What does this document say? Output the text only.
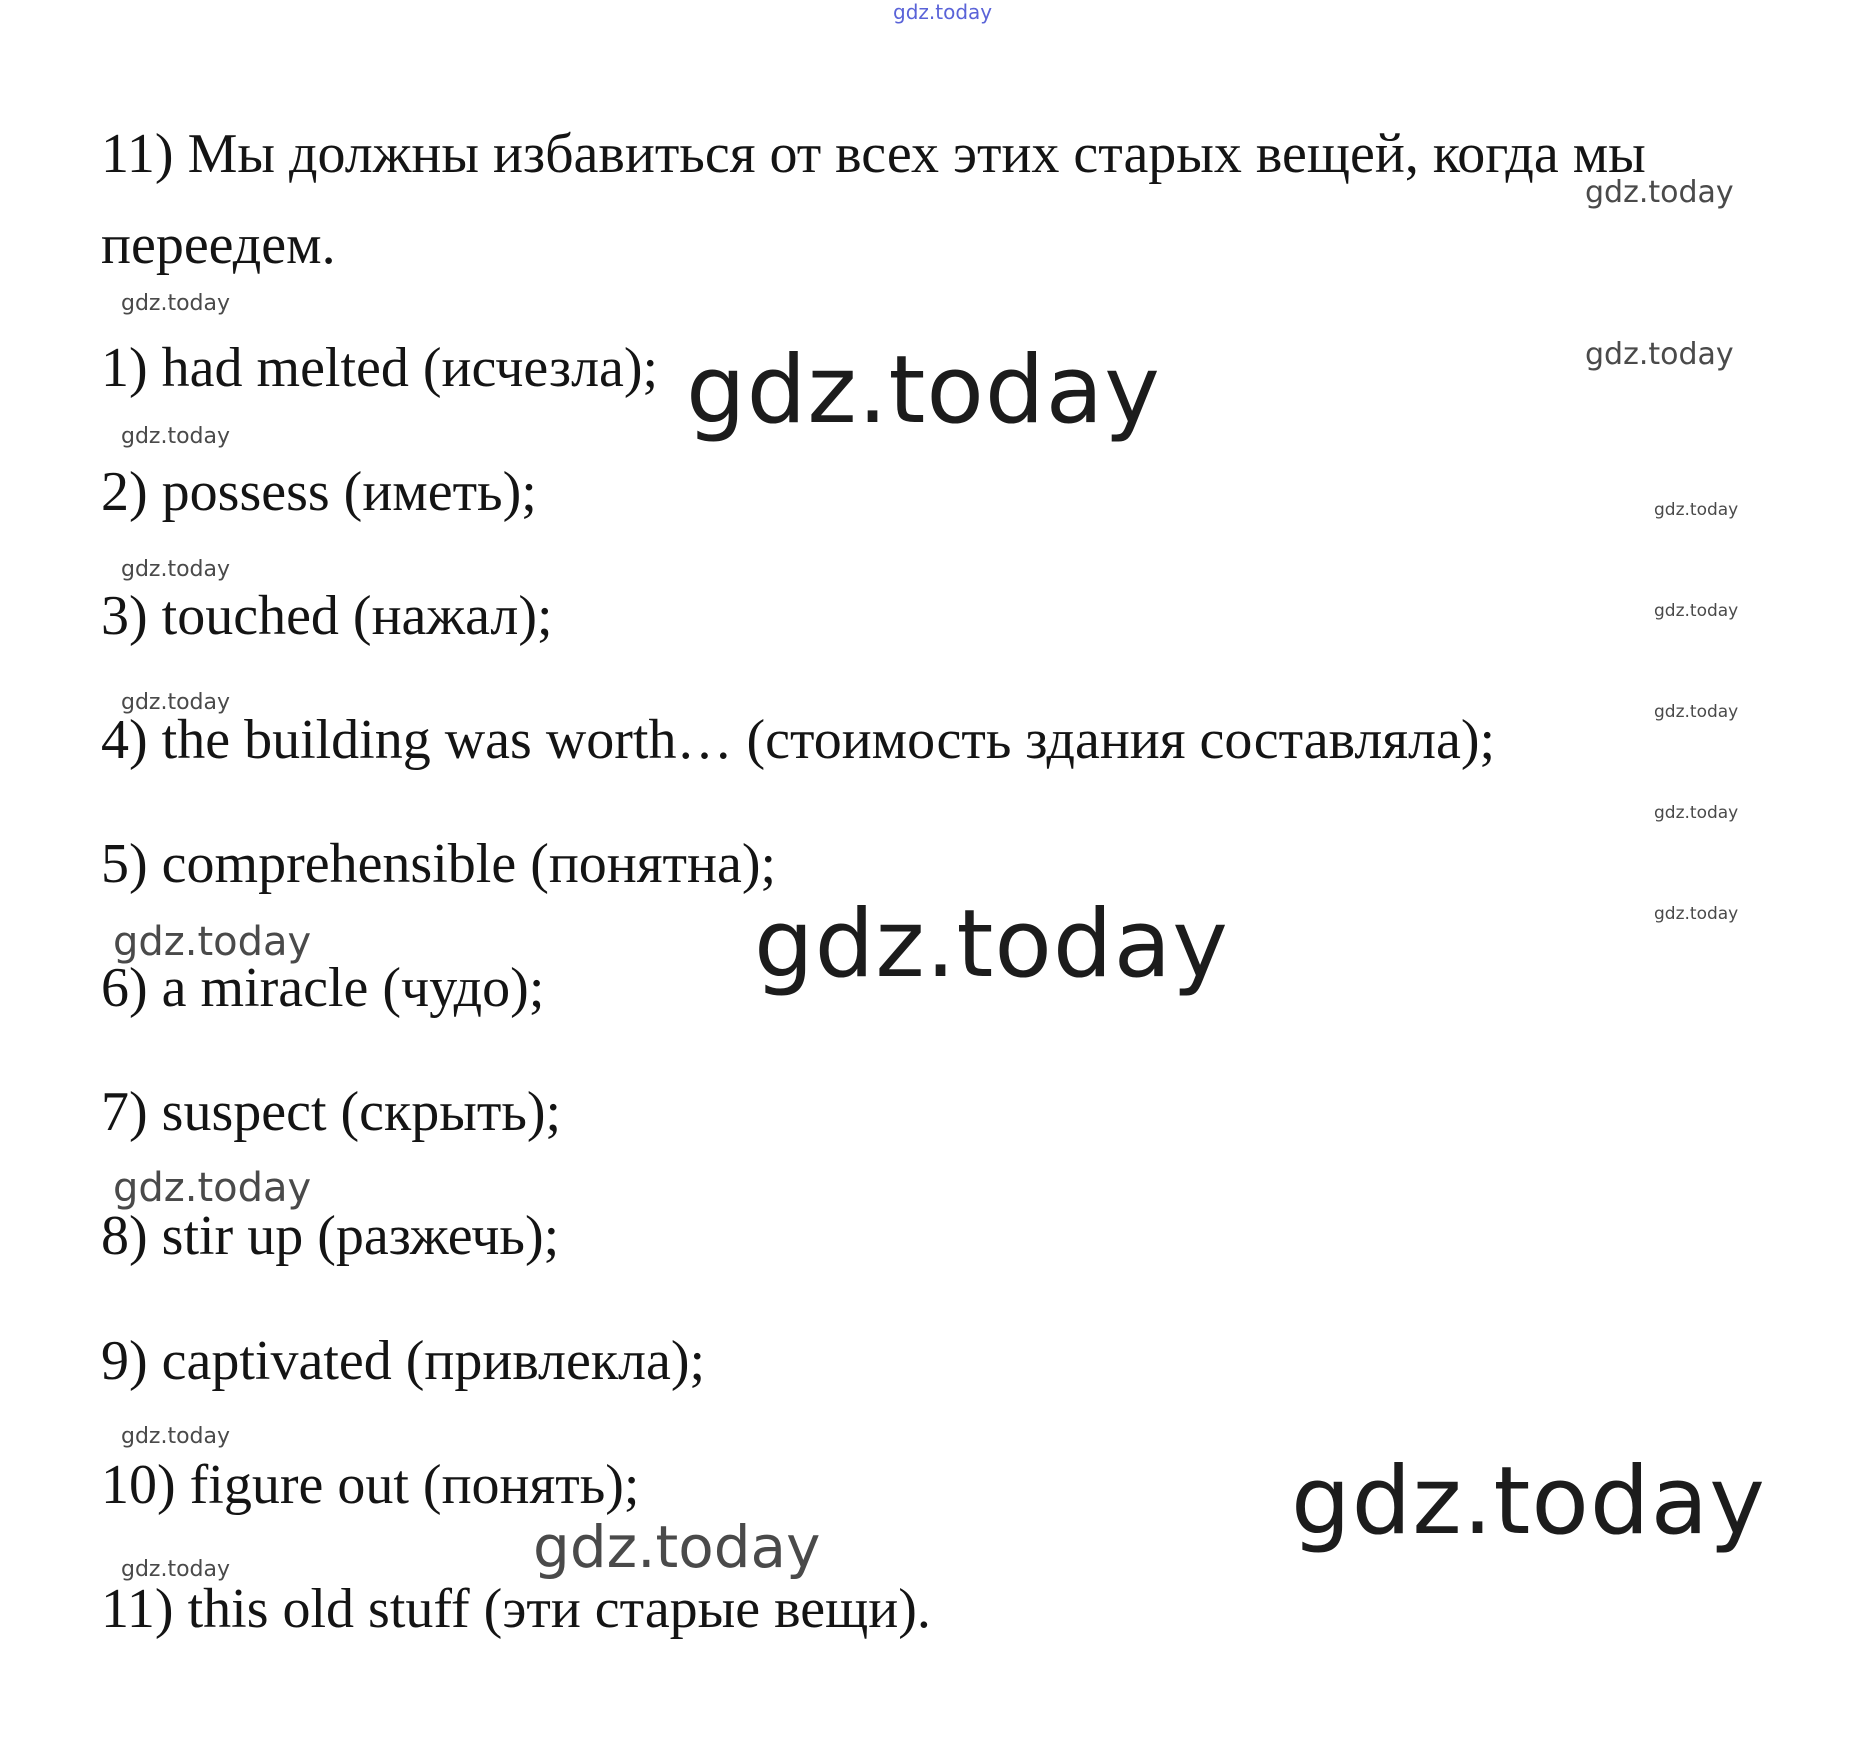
gdz.today
11) Мы должны избавиться от всех этих старых вещей, когда мы
переедем.
1) had melted (исчезла);
2) possess (иметь);
3) touched (нажал);
4) the building was worth… (стоимость здания составляла);
5) comprehensible (понятна);
6) a miracle (чудо);
7) suspect (скрыть);
8) stir up (разжечь);
9) captivated (привлекла);
10) figure out (понять);
11) this old stuff (эти старые вещи).
gdz.today
gdz.today
gdz.today
gdz.today
gdz.today
gdz.today
gdz.today
gdz.today
gdz.today	gdz.today
gdz.today
gdz.today
gdz.today	gdz.today
gdz.today
gdz.today
gdz.today
gdz.today
gdz.today
